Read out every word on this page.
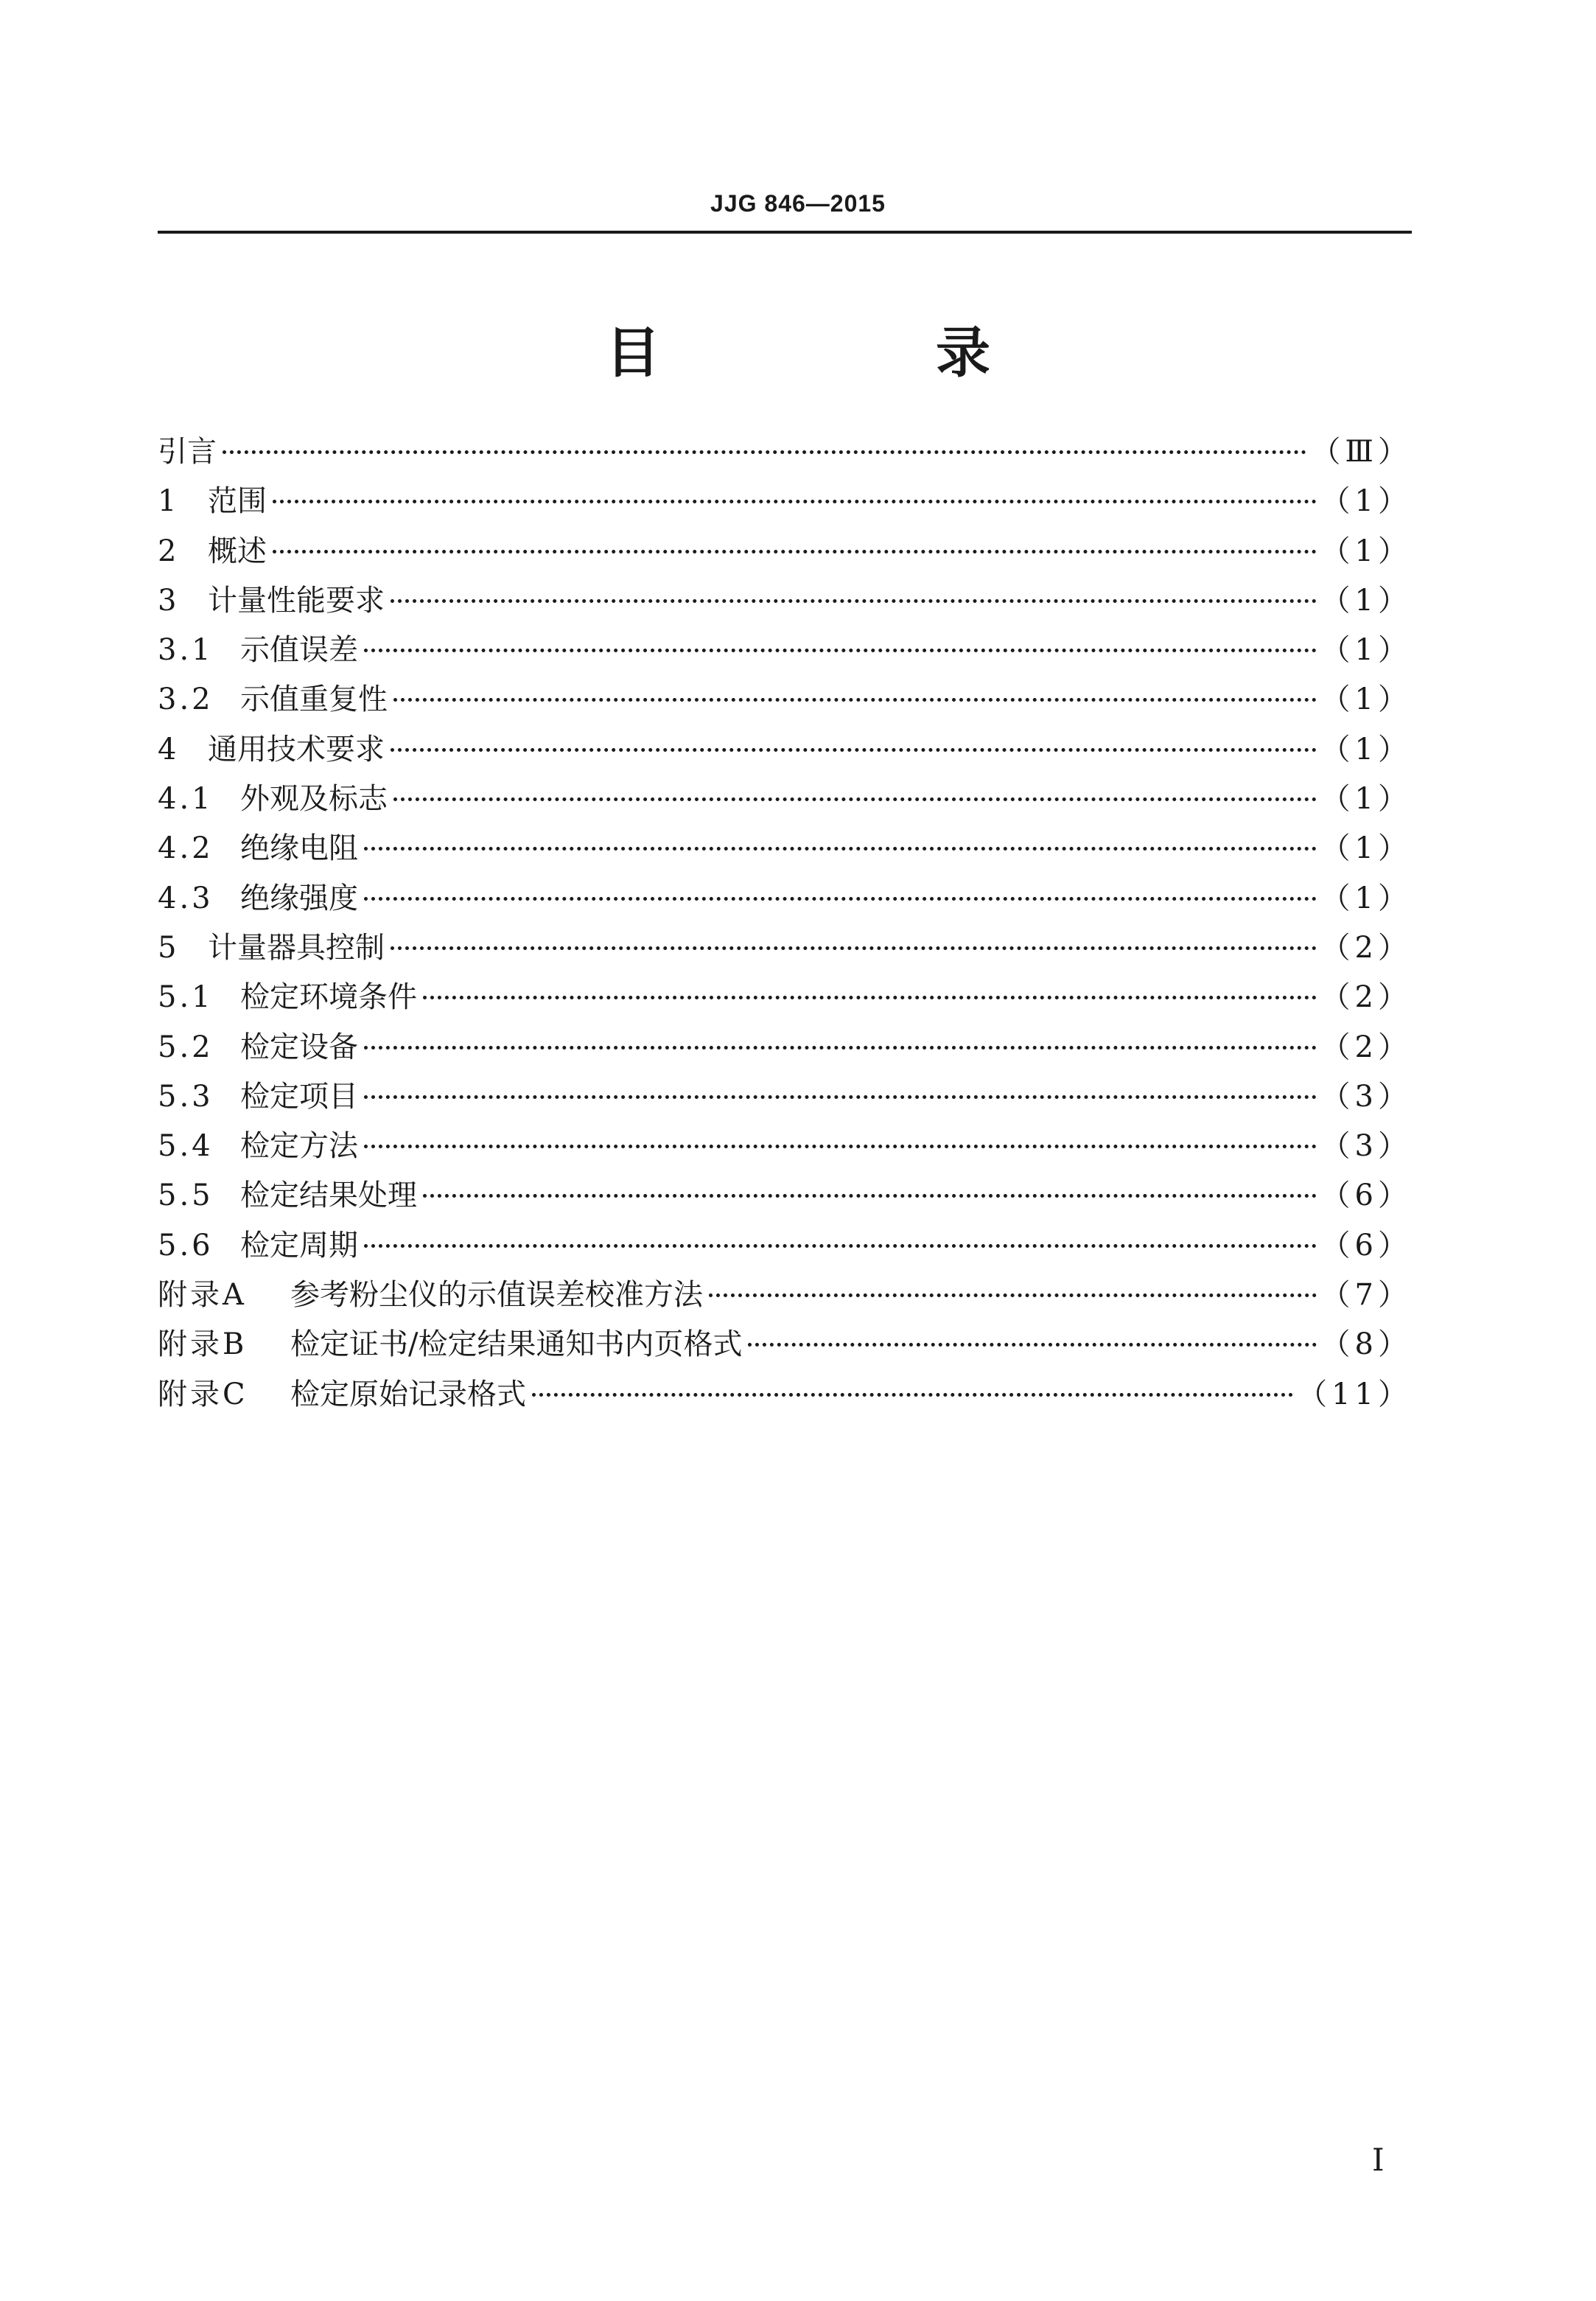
JJG 846—2015
目　录
引言	（Ⅲ）
1 范围	（1）
2 概述	（1）
3 计量性能要求	（1）
3.1 示值误差	（1）
3.2 示值重复性	（1）
4 通用技术要求	（1）
4.1 外观及标志	（1）
4.2 绝缘电阻	（1）
4.3 绝缘强度	（1）
5 计量器具控制	（2）
5.1 检定环境条件	（2）
5.2 检定设备	（2）
5.3 检定项目	（3）
5.4 检定方法	（3）
5.5 检定结果处理	（6）
5.6 检定周期	（6）
附录A 参考粉尘仪的示值误差校准方法	（7）
附录B 检定证书/检定结果通知书内页格式	（8）
附录C 检定原始记录格式	（11）
I
